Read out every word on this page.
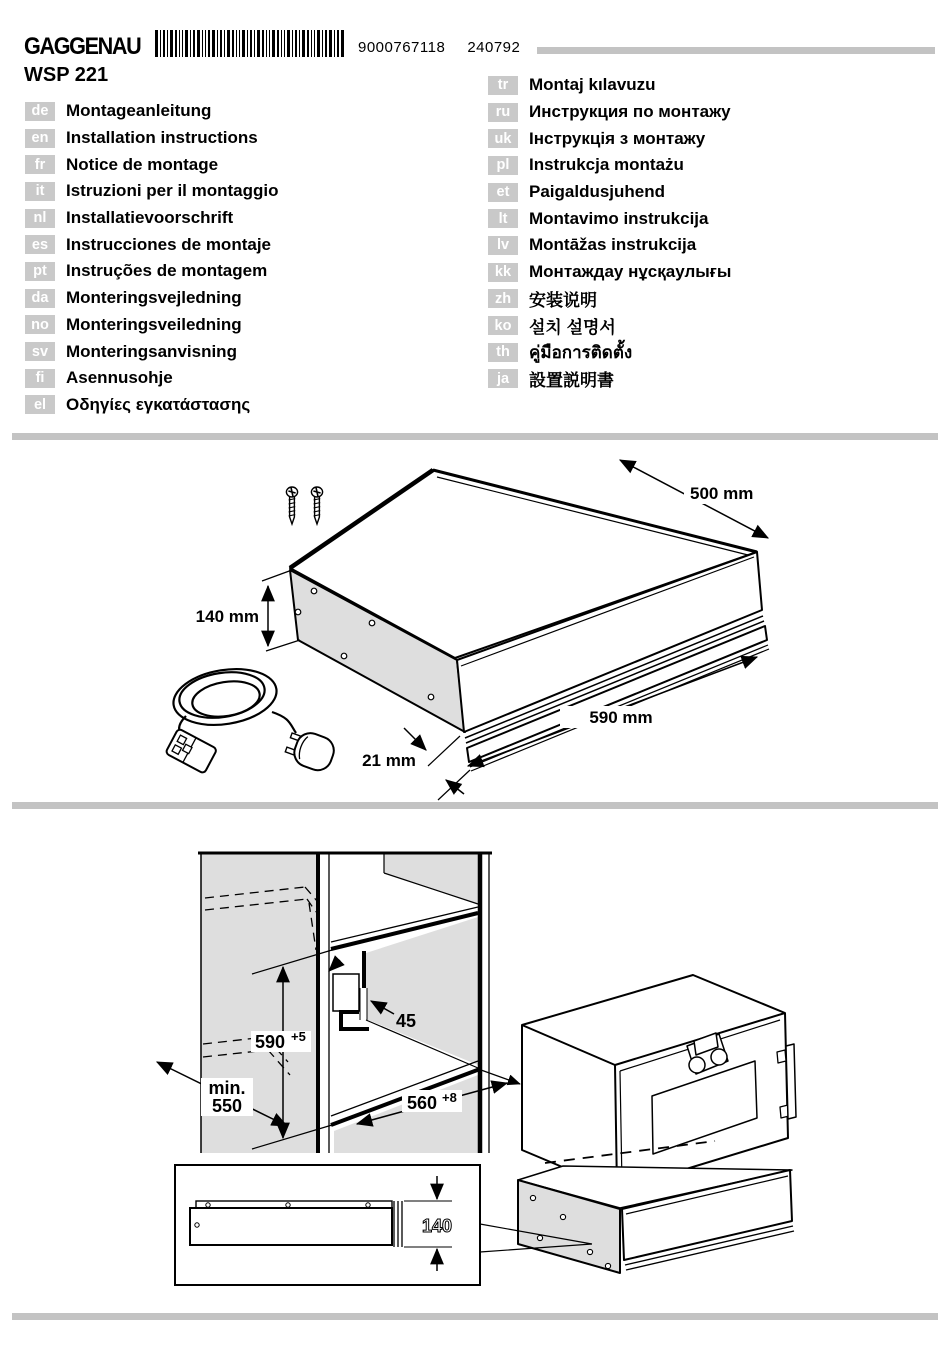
GAGGENAU	9000767118 240792
WSP 221
de	Montageanleitung
en	Installation instructions
fr	Notice de montage
it	Istruzioni per il montaggio
nl	Installatievoorschrift
es	Instrucciones de montaje
pt	Instruções de montagem
da	Monteringsvejledning
no	Monteringsveiledning
sv	Monteringsanvisning
fi	Asennusohje
el	Οδηγίες εγκατάστασης
tr	Montaj kılavuzu
ru	Инструкция по монтажу
uk	Інструкція з монтажу
pl	Instrukcja montażu
et	Paigaldusjuhend
lt	Montavimo instrukcija
lv	Montāžas instrukcija
kk	Монтаждау нұсқаулығы
zh	安装说明
ko	설치 설명서
th	คู่มือการติดตั้ง
ja	設置説明書
500 mm
140 mm
590 mm
21 mm
590 +5
45
min.
550	560 +8
140
